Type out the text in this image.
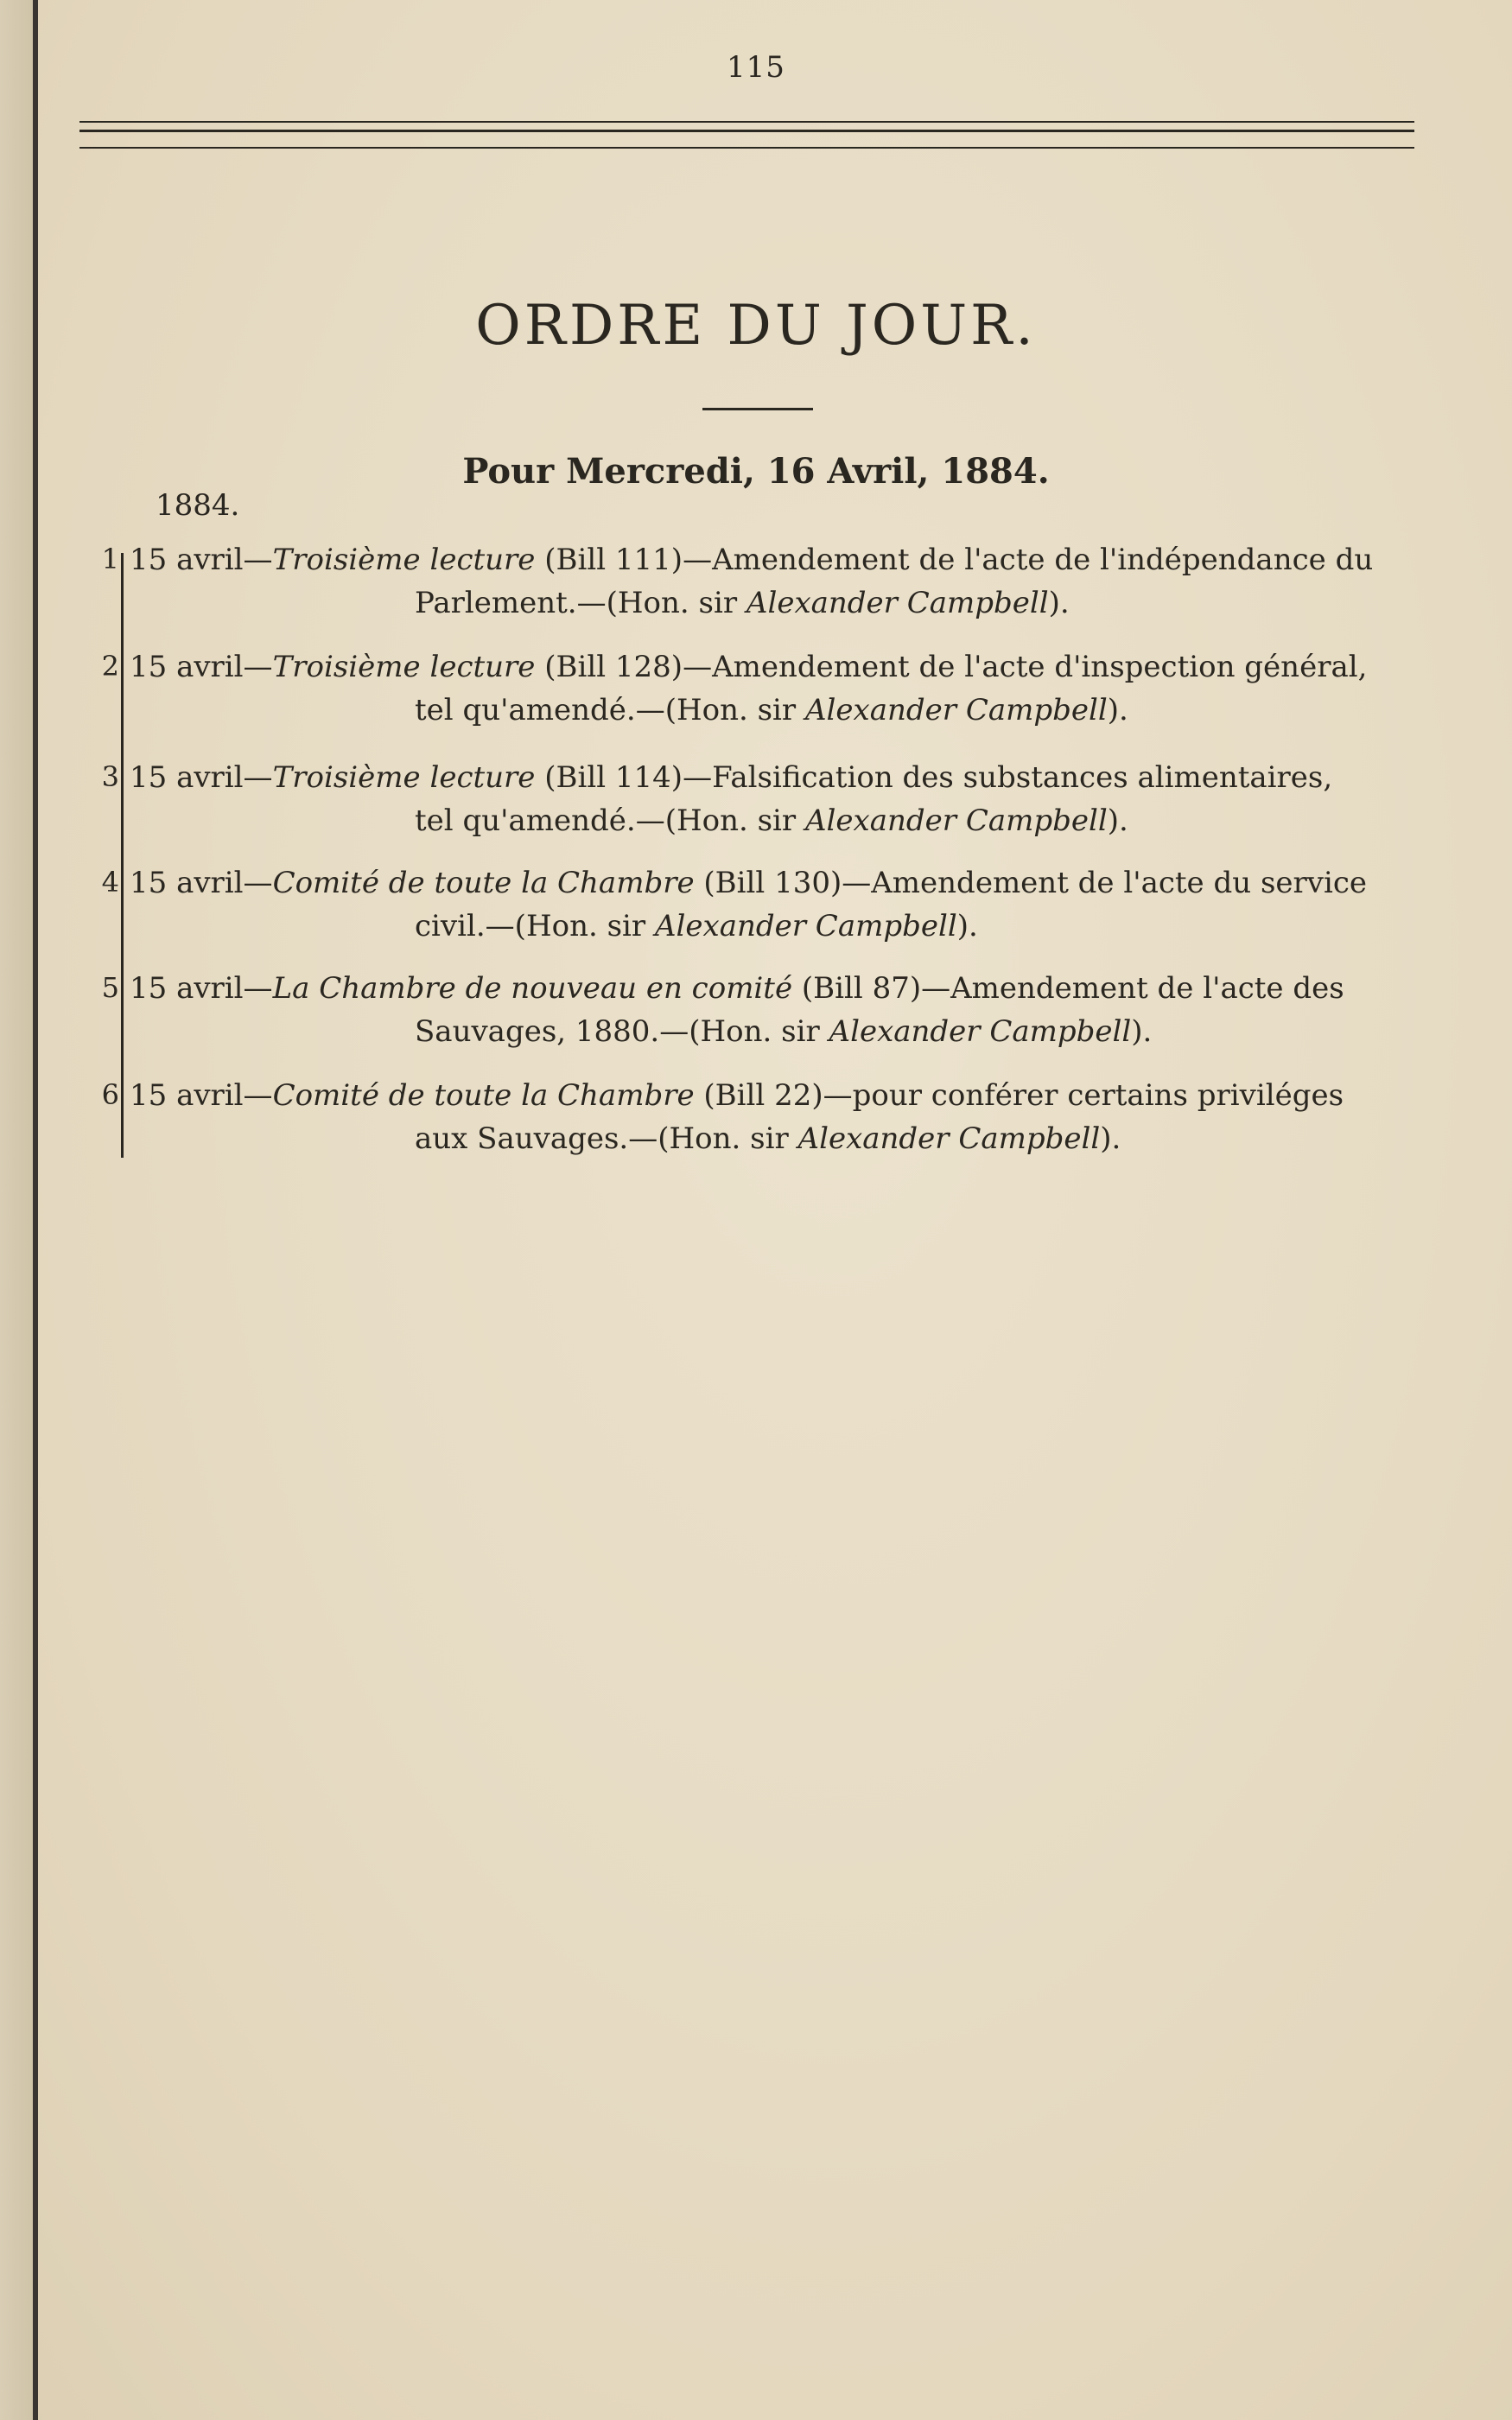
115
ORDRE DU JOUR.
Pour Mercredi, 16 Avril, 1884.
1884.
1 15 avril—Troisième lecture (Bill 111)—Amendement de l'acte de l'indépendance du
Parlement.—(Hon. sir Alexander Campbell).
2 15 avril—Troisième lecture (Bill 128)—Amendement de l'acte d'inspection général,
tel qu'amendé.—(Hon. sir Alexander Campbell).
3 15 avril—Troisième lecture (Bill 114)—Falsification des substances alimentaires,
tel qu'amendé.—(Hon. sir Alexander Campbell).
4 15 avril—Comité de toute la Chambre (Bill 130)—Amendement de l'acte du service
civil.—(Hon. sir Alexander Campbell).
5 15 avril—La Chambre de nouveau en comité (Bill 87)—Amendement de l'acte des
Sauvages, 1880.—(Hon. sir Alexander Campbell).
6 15 avril—Comité de toute la Chambre (Bill 22)—pour conférer certains priviléges
aux Sauvages.—(Hon. sir Alexander Campbell).
